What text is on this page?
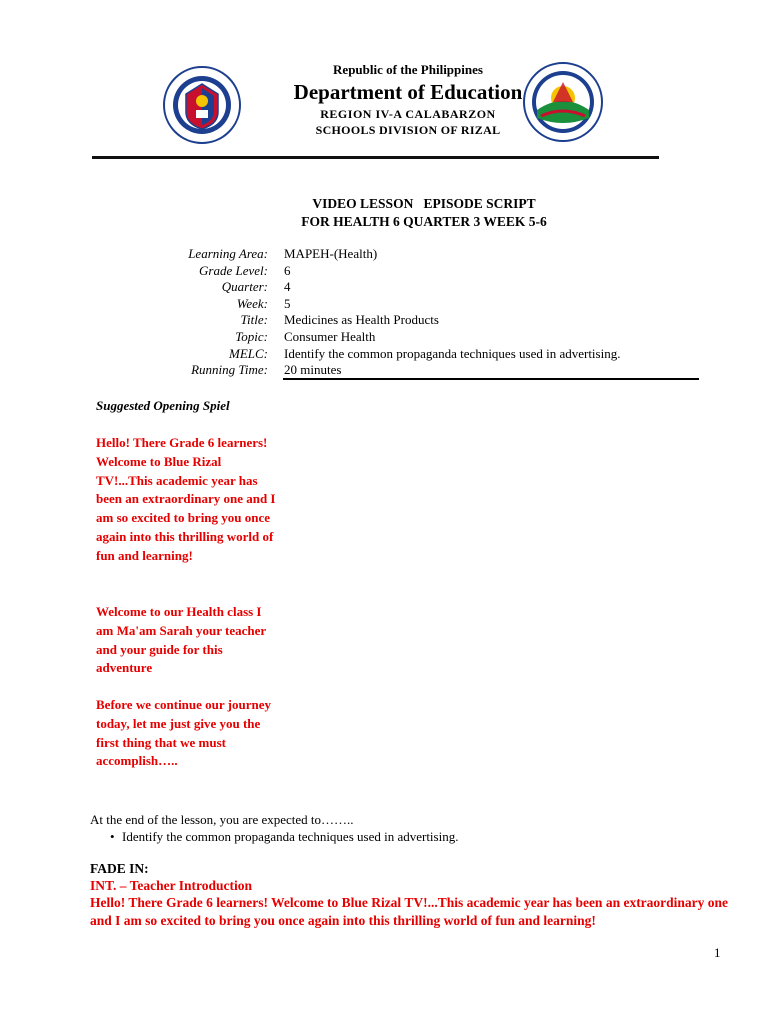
Republic of the Philippines
Department of Education
REGION IV-A CALABARZON
SCHOOLS DIVISION OF RIZAL
VIDEO LESSON   EPISODE SCRIPT
FOR HEALTH 6 QUARTER 3 WEEK 5-6
Learning Area: MAPEH-(Health)
Grade Level: 6
Quarter: 4
Week: 5
Title: Medicines as Health Products
Topic: Consumer Health
MELC: Identify the common propaganda techniques used in advertising.
Running Time: 20 minutes
Suggested Opening Spiel
Hello! There Grade 6 learners! Welcome to Blue Rizal TV!...This academic year has been an extraordinary one and I am so excited to bring you once again into this thrilling world of fun and learning!
Welcome to our Health class I am Ma'am Sarah your teacher and your guide for this adventure
Before we continue our journey today, let me just give you the first thing that we must accomplish…..
At the end of the lesson, you are expected to……..
• Identify the common propaganda techniques used in advertising.
FADE IN:
INT. – Teacher Introduction
Hello! There Grade 6 learners! Welcome to Blue Rizal TV!...This academic year has been an extraordinary one and I am so excited to bring you once again into this thrilling world of fun and learning!
1
